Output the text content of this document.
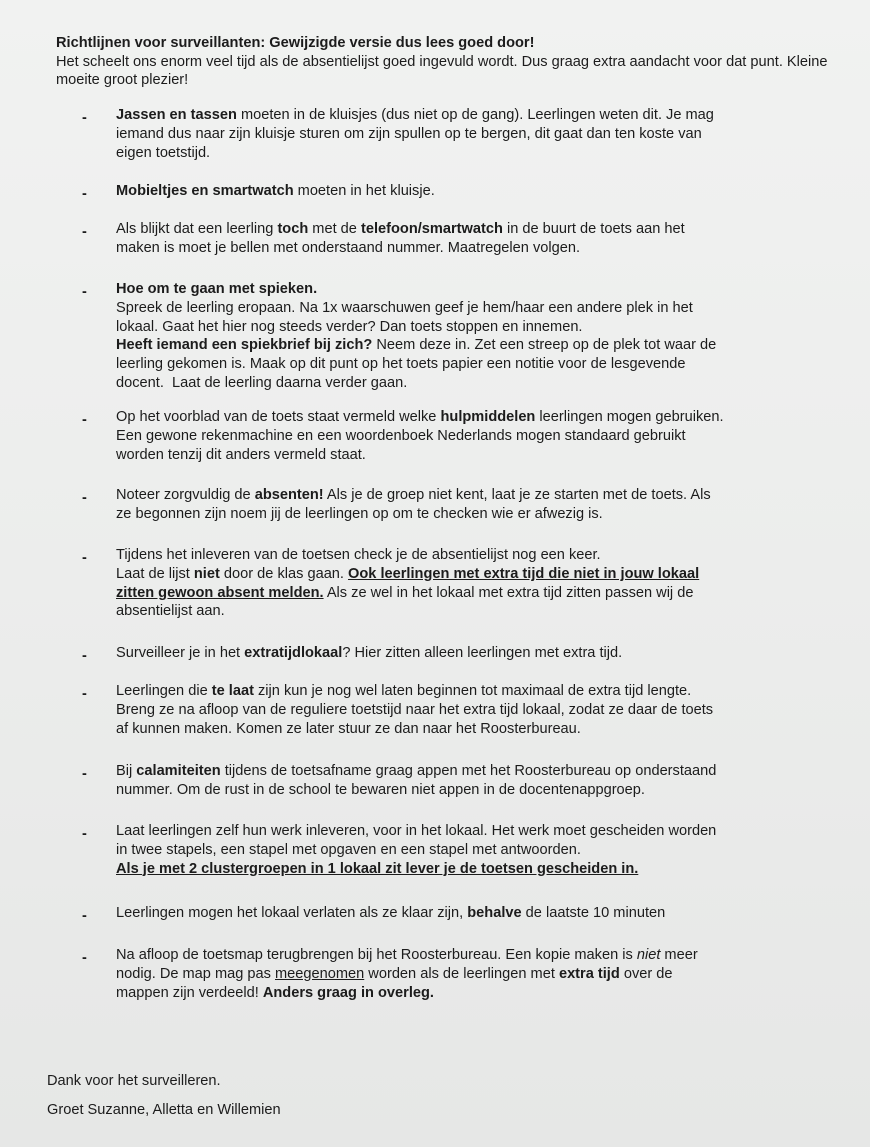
Richtlijnen voor surveillanten: Gewijzigde versie dus lees goed door!
Het scheelt ons enorm veel tijd als de absentielijst goed ingevuld wordt. Dus graag extra aandacht voor dat punt. Kleine moeite groot plezier!
- Jassen en tassen moeten in de kluisjes (dus niet op de gang). Leerlingen weten dit. Je mag
iemand dus naar zijn kluisje sturen om zijn spullen op te bergen, dit gaat dan ten koste van
eigen toetstijd.
- Mobieltjes en smartwatch moeten in het kluisje.
- Als blijkt dat een leerling toch met de telefoon/smartwatch in de buurt de toets aan het
maken is moet je bellen met onderstaand nummer. Maatregelen volgen.
- Hoe om te gaan met spieken.
Spreek de leerling eropaan. Na 1x waarschuwen geef je hem/haar een andere plek in het
lokaal. Gaat het hier nog steeds verder? Dan toets stoppen en innemen.
Heeft iemand een spiekbrief bij zich? Neem deze in. Zet een streep op de plek tot waar de
leerling gekomen is. Maak op dit punt op het toets papier een notitie voor de lesgevende
docent.  Laat de leerling daarna verder gaan.
- Op het voorblad van de toets staat vermeld welke hulpmiddelen leerlingen mogen gebruiken.
Een gewone rekenmachine en een woordenboek Nederlands mogen standaard gebruikt
worden tenzij dit anders vermeld staat.
- Noteer zorgvuldig de absenten! Als je de groep niet kent, laat je ze starten met de toets. Als
ze begonnen zijn noem jij de leerlingen op om te checken wie er afwezig is.
- Tijdens het inleveren van de toetsen check je de absentielijst nog een keer.
Laat de lijst niet door de klas gaan. Ook leerlingen met extra tijd die niet in jouw lokaal
zitten gewoon absent melden. Als ze wel in het lokaal met extra tijd zitten passen wij de
absentielijst aan.
- Surveilleer je in het extratijdlokaal? Hier zitten alleen leerlingen met extra tijd.
- Leerlingen die te laat zijn kun je nog wel laten beginnen tot maximaal de extra tijd lengte.
Breng ze na afloop van de reguliere toetstijd naar het extra tijd lokaal, zodat ze daar de toets
af kunnen maken. Komen ze later stuur ze dan naar het Roosterbureau.
- Bij calamiteiten tijdens de toetsafname graag appen met het Roosterbureau op onderstaand
nummer. Om de rust in de school te bewaren niet appen in de docentenappgroep.
- Laat leerlingen zelf hun werk inleveren, voor in het lokaal. Het werk moet gescheiden worden
in twee stapels, een stapel met opgaven en een stapel met antwoorden.
Als je met 2 clustergroepen in 1 lokaal zit lever je de toetsen gescheiden in.
- Leerlingen mogen het lokaal verlaten als ze klaar zijn, behalve de laatste 10 minuten
- Na afloop de toetsmap terugbrengen bij het Roosterbureau. Een kopie maken is niet meer
nodig. De map mag pas meegenomen worden als de leerlingen met extra tijd over de
mappen zijn verdeeld! Anders graag in overleg.
Dank voor het surveilleren.
Groet Suzanne, Alletta en Willemien
